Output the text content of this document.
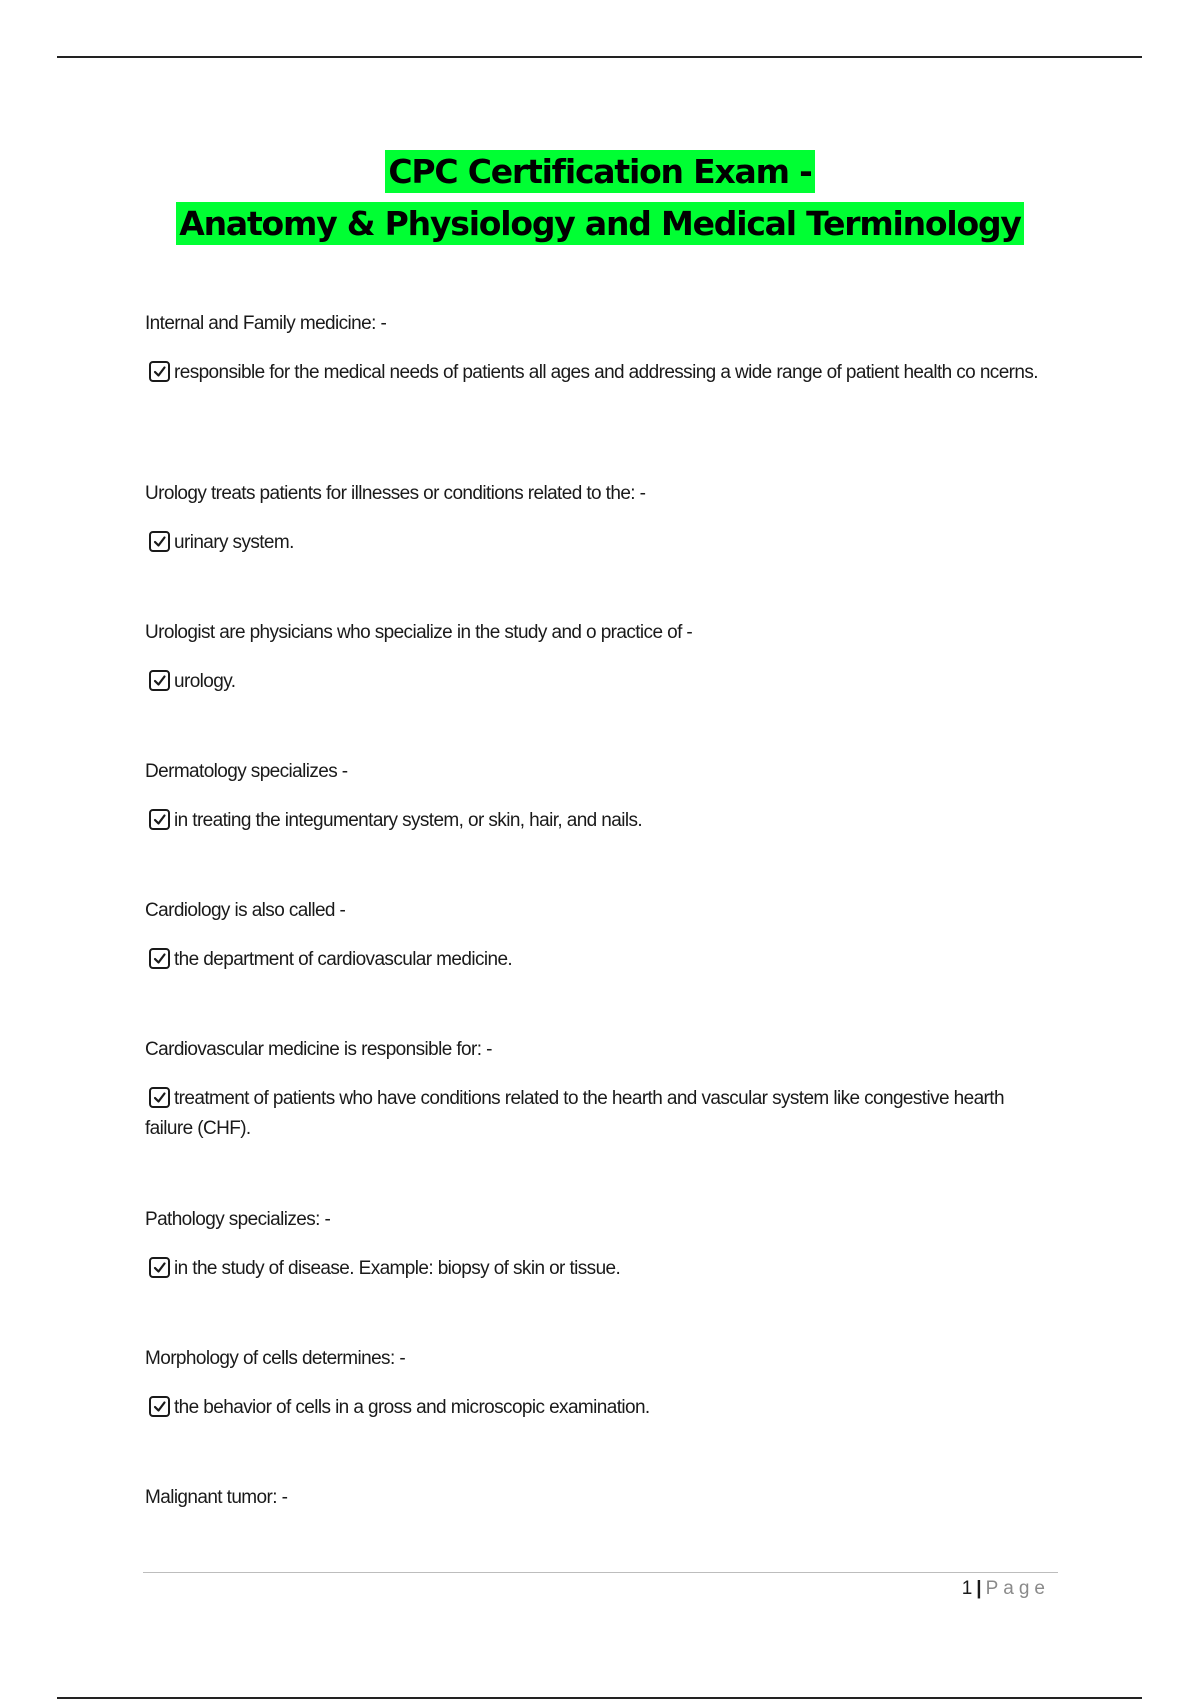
CPC Certification Exam -
Anatomy & Physiology and Medical Terminology

Internal and Family medicine: -

responsible for the medical needs of patients all ages and addressing a wide range of patient health co ncerns.

Urology treats patients for illnesses or conditions related to the: -

urinary system.

Urologist are physicians who specialize in the study and o practice of -

urology.

Dermatology specializes -

in treating the integumentary system, or skin, hair, and nails.

Cardiology is also called -

the department of cardiovascular medicine.

Cardiovascular medicine is responsible for: -

treatment of patients who have conditions related to the hearth and vascular system like congestive hearth failure (CHF).

Pathology specializes: -

in the study of disease. Example: biopsy of skin or tissue.

Morphology of cells determines: -

the behavior of cells in a gross and microscopic examination.

Malignant tumor: -

1 | Page
